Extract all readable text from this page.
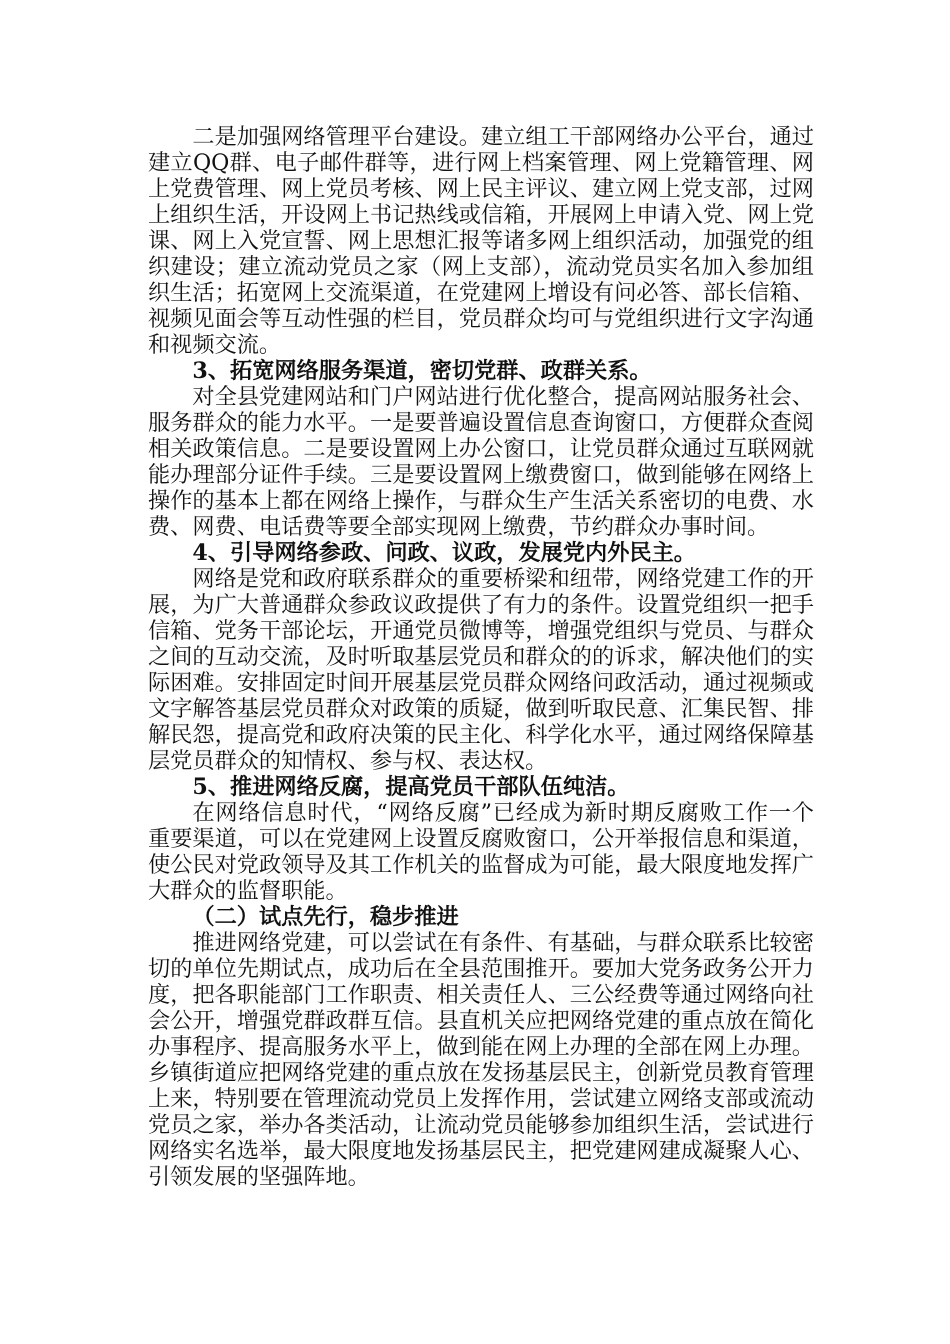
二是加强网络管理平台建设。建立组工干部网络办公平台，通过建立QQ群、电子邮件群等，进行网上档案管理、网上党籍管理、网上党费管理、网上党员考核、网上民主评议、建立网上党支部，过网上组织生活，开设网上书记热线或信箱，开展网上申请入党、网上党课、网上入党宣誓、网上思想汇报等诸多网上组织活动，加强党的组织建设；建立流动党员之家（网上支部），流动党员实名加入参加组织生活；拓宽网上交流渠道，在党建网上增设有问必答、部长信箱、视频见面会等互动性强的栏目，党员群众均可与党组织进行文字沟通和视频交流。

3、拓宽网络服务渠道，密切党群、政群关系。

对全县党建网站和门户网站进行优化整合，提高网站服务社会、服务群众的能力水平。一是要普遍设置信息查询窗口，方便群众查阅相关政策信息。二是要设置网上办公窗口，让党员群众通过互联网就能办理部分证件手续。三是要设置网上缴费窗口，做到能够在网络上操作的基本上都在网络上操作，与群众生产生活关系密切的电费、水费、网费、电话费等要全部实现网上缴费，节约群众办事时间。

4、引导网络参政、问政、议政，发展党内外民主。

网络是党和政府联系群众的重要桥梁和纽带，网络党建工作的开展，为广大普通群众参政议政提供了有力的条件。设置党组织一把手信箱、党务干部论坛，开通党员微博等，增强党组织与党员、与群众之间的互动交流，及时听取基层党员和群众的的诉求，解决他们的实际困难。安排固定时间开展基层党员群众网络问政活动，通过视频或文字解答基层党员群众对政策的质疑，做到听取民意、汇集民智、排解民怨，提高党和政府决策的民主化、科学化水平，通过网络保障基层党员群众的知情权、参与权、表达权。

5、推进网络反腐，提高党员干部队伍纯洁。

在网络信息时代，“网络反腐”已经成为新时期反腐败工作一个重要渠道，可以在党建网上设置反腐败窗口，公开举报信息和渠道，使公民对党政领导及其工作机关的监督成为可能，最大限度地发挥广大群众的监督职能。

（二）试点先行，稳步推进

推进网络党建，可以尝试在有条件、有基础，与群众联系比较密切的单位先期试点，成功后在全县范围推开。要加大党务政务公开力度，把各职能部门工作职责、相关责任人、三公经费等通过网络向社会公开，增强党群政群互信。县直机关应把网络党建的重点放在简化办事程序、提高服务水平上，做到能在网上办理的全部在网上办理。乡镇街道应把网络党建的重点放在发扬基层民主，创新党员教育管理上来，特别要在管理流动党员上发挥作用，尝试建立网络支部或流动党员之家，举办各类活动，让流动党员能够参加组织生活，尝试进行网络实名选举，最大限度地发扬基层民主，把党建网建成凝聚人心、引领发展的坚强阵地。
